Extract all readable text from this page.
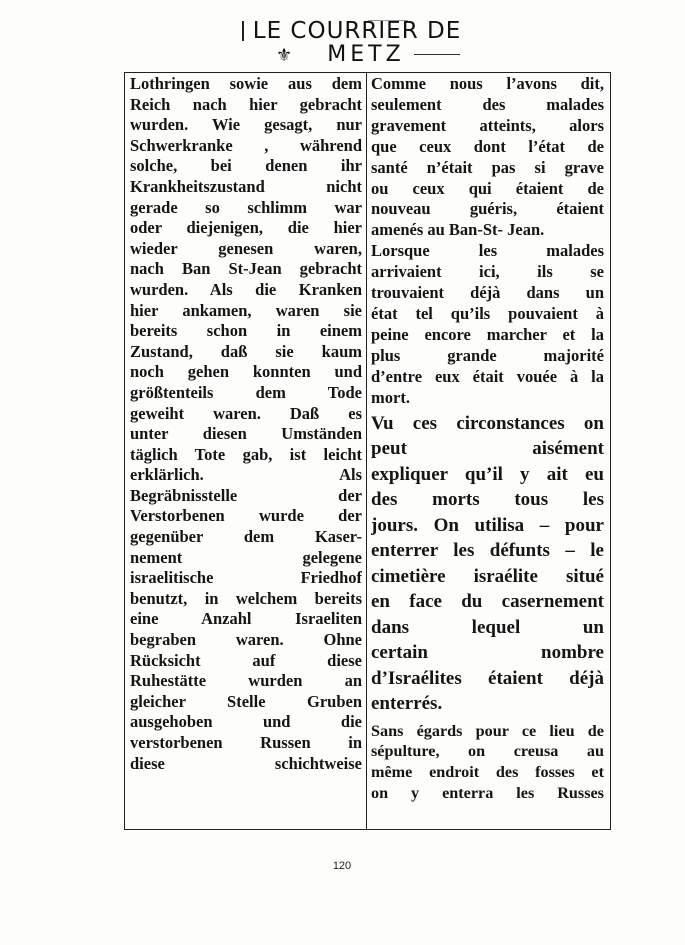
LE COURRIER DE
⚜	METZ

Lothringen sowie aus dem
Reich nach hier gebracht
wurden. Wie gesagt, nur
Schwerkranke , während
solche, bei denen ihr
Krankheitszustand nicht
gerade so schlimm war
oder diejenigen, die hier
wieder genesen waren,
nach Ban St-Jean gebracht
wurden. Als die Kranken
hier ankamen, waren sie
bereits schon in einem
Zustand, daß sie kaum
noch gehen konnten und
größtenteils dem Tode
geweiht waren. Daß es
unter diesen Umständen
täglich Tote gab, ist leicht
erklärlich. Als
Begräbnisstelle der
Verstorbenen wurde der
gegenüber dem Kaser-
nement gelegene
israelitische Friedhof
benutzt, in welchem bereits
eine Anzahl Israeliten
begraben waren. Ohne
Rücksicht auf diese
Ruhestätte wurden an
gleicher Stelle Gruben
ausgehoben und die
verstorbenen Russen in
diese schichtweise

Comme nous l’avons dit,
seulement des malades
gravement atteints, alors
que ceux dont l’état de
santé n’était pas si grave
ou ceux qui étaient de
nouveau guéris, étaient
amenés au Ban-St- Jean.

Lorsque les malades
arrivaient ici, ils se
trouvaient déjà dans un
état tel qu’ils pouvaient à
peine encore marcher et la
plus grande majorité
d’entre eux était vouée à la
mort.

Vu ces circonstances on
peut aisément
expliquer qu’il y ait eu
des morts tous les
jours. On utilisa – pour
enterrer les défunts – le
cimetière israélite situé
en face du casernement
dans lequel un
certain nombre
d’Israélites étaient déjà
enterrés.

Sans égards pour ce lieu de
sépulture, on creusa au
même endroit des fosses et
on y enterra les Russes

120
